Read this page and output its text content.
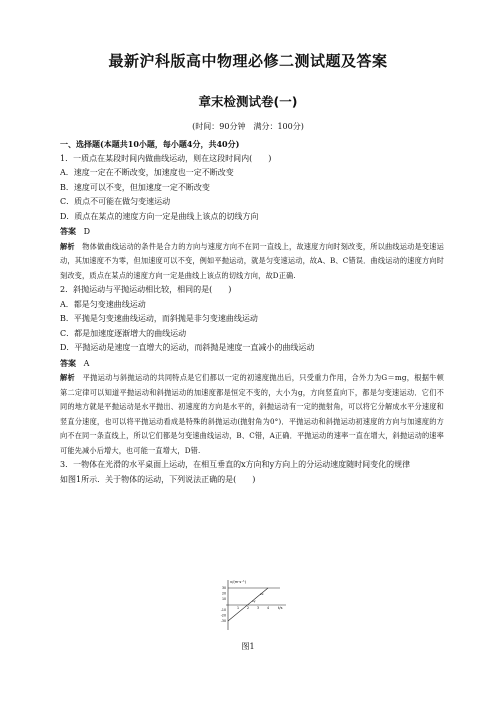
最新沪科版高中物理必修二测试题及答案
章末检测试卷(一)
(时间：90分钟　满分：100分)
一、选择题(本题共10小题，每小题4分，共40分)
1．一质点在某段时间内做曲线运动，则在这段时间内(　　)
A．速度一定在不断改变，加速度也一定不断改变
B．速度可以不变，但加速度一定不断改变
C．质点不可能在做匀变速运动
D．质点在某点的速度方向一定是曲线上该点的切线方向
答案 D
解析 物体做曲线运动的条件是合力的方向与速度方向不在同一直线上，故速度方向时刻改变，所以曲线运动是变速运动，其加速度不为零，但加速度可以不变，例如平抛运动，就是匀变速运动，故A、B、C错误．曲线运动的速度方向时刻改变，质点在某点的速度方向一定是曲线上该点的切线方向，故D正确.
2．斜抛运动与平抛运动相比较，相同的是(　　)
A．都是匀变速曲线运动
B．平抛是匀变速曲线运动，而斜抛是非匀变速曲线运动
C．都是加速度逐渐增大的曲线运动
D．平抛运动是速度一直增大的运动，而斜抛是速度一直减小的曲线运动
答案 A
解析 平抛运动与斜抛运动的共同特点是它们都以一定的初速度抛出后，只受重力作用，合外力为G＝mg，根据牛顿第二定律可以知道平抛运动和斜抛运动的加速度都是恒定不变的，大小为g，方向竖直向下，都是匀变速运动．它们不同的地方就是平抛运动是水平抛出、初速度的方向是水平的，斜抛运动有一定的抛射角，可以将它分解成水平分速度和竖直分速度，也可以将平抛运动看成是特殊的斜抛运动(抛射角为0°)．平抛运动和斜抛运动初速度的方向与加速度的方向不在同一条直线上，所以它们都是匀变速曲线运动，B、C错，A正确．平抛运动的速率一直在增大，斜抛运动的速率可能先减小后增大，也可能一直增大，D错.
3．一物体在光滑的水平桌面上运动，在相互垂直的x方向和y方向上的分运动速度随时间变化的规律
如图1所示．关于物体的运动，下列说法正确的是(　　)
v/(m·s⁻¹)
t/s
30
20
10
-10
-20
-30
1 2 3 4
vx
vy
图1
